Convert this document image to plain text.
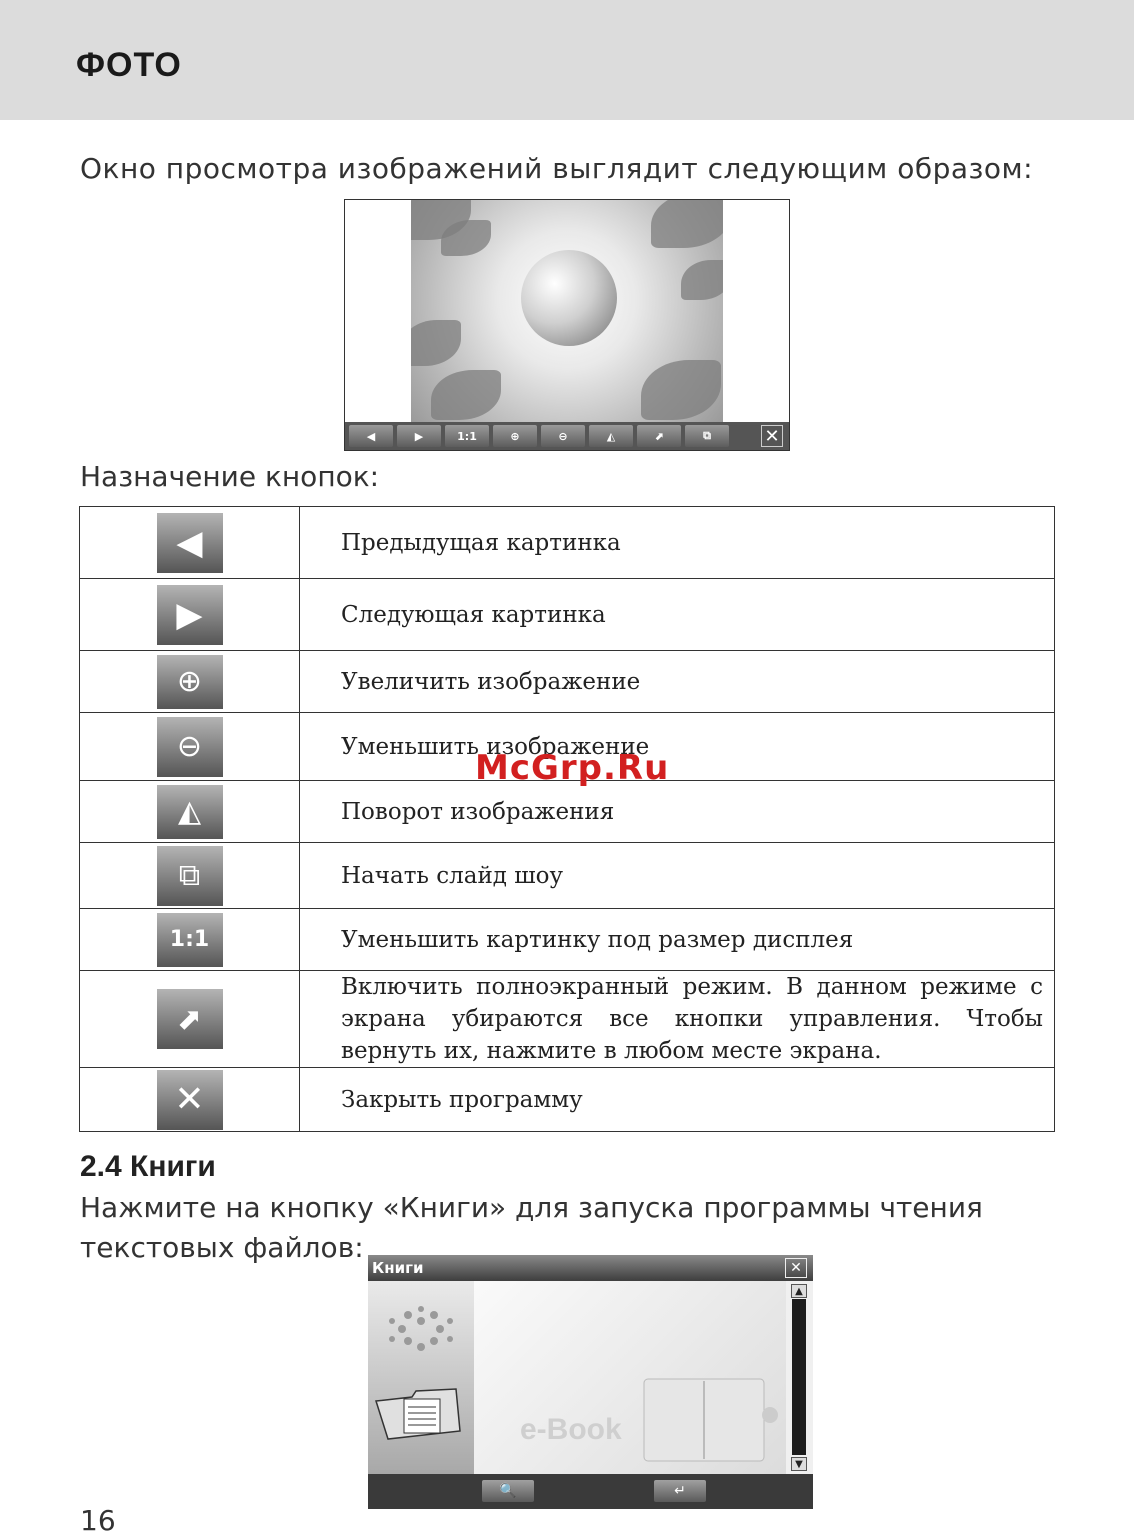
ФОТО
Окно просмотра изображений выглядит следующим образом:
◀	▶	1:1	⊕	⊖	◭	⬈	⧉	✕
Назначение кнопок:
◀	Предыдущая картинка

▶	Следующая картинка

⊕	Увеличить изображение

⊖	Уменьшить изображение

◭	Поворот изображения

⧉	Начать слайд шоу

1:1	Уменьшить картинку под размер дисплея

⬈	Включить полноэкранный режим. В данном режиме с экрана убираются все кнопки управления. Чтобы вернуть их, нажмите в любом месте экрана.

✕	Закрыть программу
McGrp.Ru
2.4 Книги
Нажмите на кнопку «Книги» для запуска программы чтения текстовых файлов:
Книги	✕
e-Book
▲
▼
🔍	↵
16
